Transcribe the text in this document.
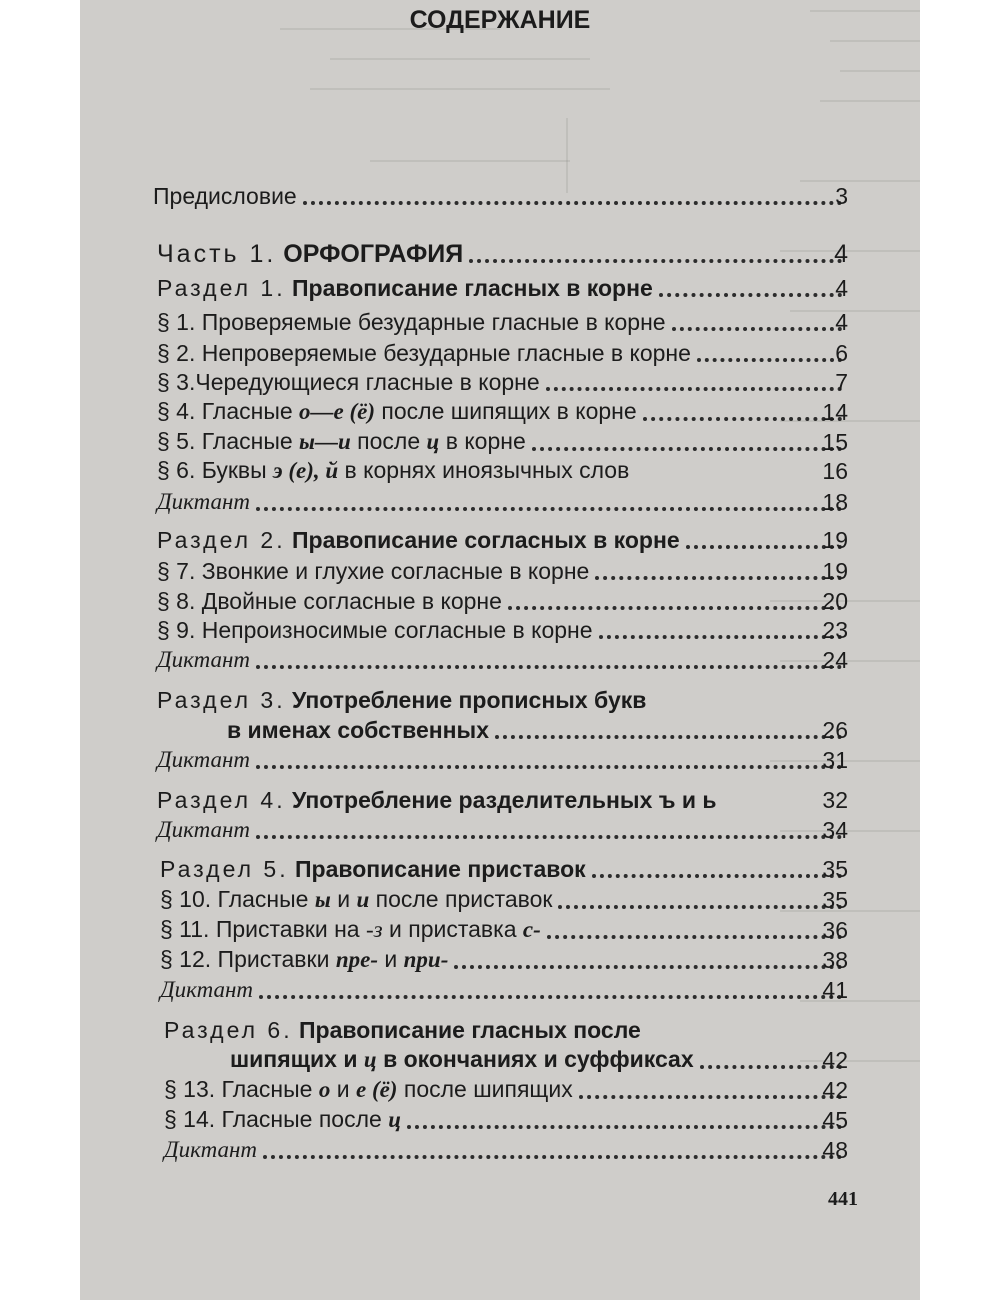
СОДЕРЖАНИЕ
Предисловие	3
Часть 1. ОРФОГРАФИЯ	4
Раздел 1. Правописание гласных в корне	4
§ 1. Проверяемые безударные гласные в корне	4
§ 2. Непроверяемые безударные гласные в корне	6
§ 3.Чередующиеся гласные в корне	7
§ 4. Гласные о—е (ё) после шипящих в корне	14
§ 5. Гласные ы—и после ц в корне	15
§ 6. Буквы э (е), й в корнях иноязычных слов	16
Диктант	18
Раздел 2. Правописание согласных в корне	19
§ 7. Звонкие и глухие согласные в корне	19
§ 8. Двойные согласные в корне	20
§ 9. Непроизносимые согласные в корне	23
Диктант	24
Раздел 3. Употребление прописных букв
в именах собственных	26
Диктант	31
Раздел 4. Употребление разделительных ъ и ь	32
Диктант	34
Раздел 5. Правописание приставок	35
§ 10. Гласные ы и и после приставок	35
§ 11. Приставки на -з и приставка с-	36
§ 12. Приставки пре- и при-	38
Диктант	41
Раздел 6. Правописание гласных после
шипящих и ц в окончаниях и суффиксах	42
§ 13. Гласные о и е (ё) после шипящих	42
§ 14. Гласные после ц	45
Диктант	48
441
